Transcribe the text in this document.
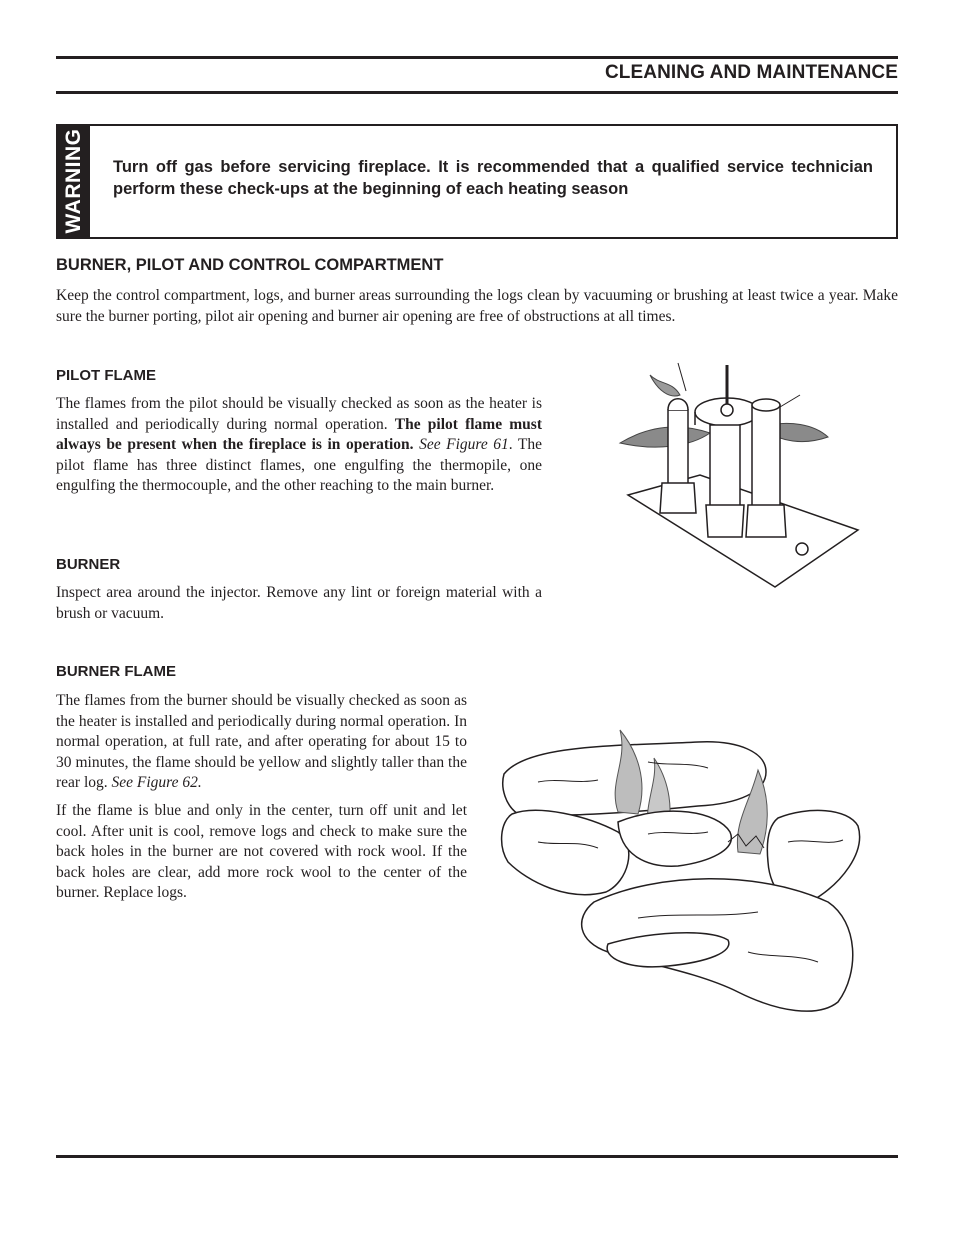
CLEANING AND MAINTENANCE
WARNING Turn off gas before servicing fireplace. It is recommended that a qualified service technician perform these check-ups at the beginning of each heating season
BURNER, PILOT AND CONTROL COMPARTMENT
Keep the control compartment, logs, and burner areas surrounding the logs clean by vacuuming or brushing at least twice a year. Make sure the burner porting, pilot air opening and burner air opening are free of obstructions at all times.
PILOT FLAME
The flames from the pilot should be visually checked as soon as the heater is installed and periodically during normal operation. The pilot flame must always be present when the fireplace is in operation. See Figure 61. The pilot flame has three distinct flames, one engulfing the thermopile, one engulfing the thermocouple, and the other reaching to the main burner.
BURNER
Inspect area around the injector. Remove any lint or foreign material with a brush or vacuum.
BURNER FLAME
The flames from the burner should be visually checked as soon as the heater is installed and periodically during normal operation. In normal operation, at full rate, and after operating for about 15 to 30 minutes, the flame should be yellow and slightly taller than the rear log. See Figure 62.
If the flame is blue and only in the center, turn off unit and let cool. After unit is cool, remove logs and check to make sure the back holes in the burner are not covered with rock wool. If the back holes are clear, add more rock wool to the center of the burner. Replace logs.
